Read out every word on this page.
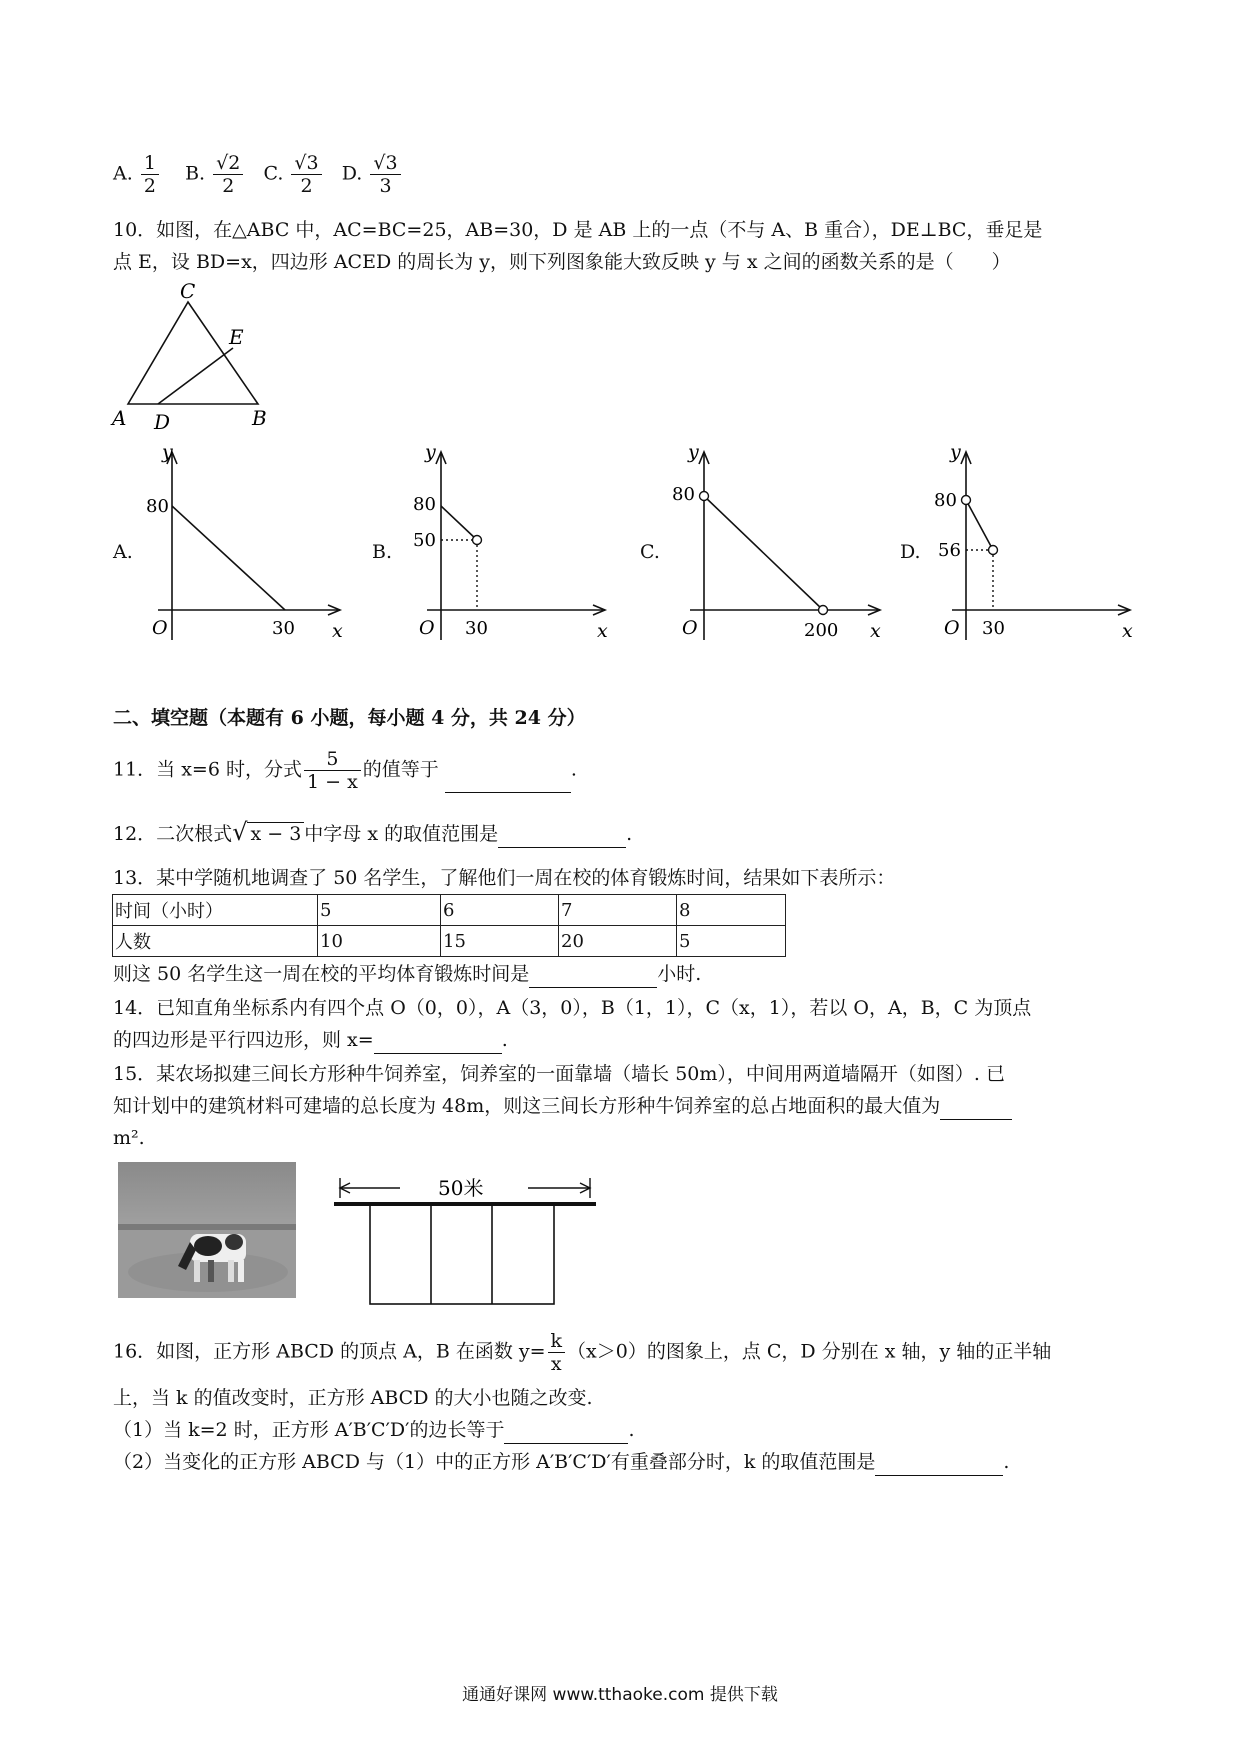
A. $\frac{1}{2} B$. $\frac{√2}{2} C$. $\frac{√3}{2} D$. $\frac{√3}{3}$
10．如图，在△ABC 中，AC=BC=25，AB=30，D 是 AB 上的一点（不与 A、B 重合），DE⊥BC，垂足是
点 E，设 BD=x，四边形 ACED 的周长为 y，则下列图象能大致反映 y 与 x 之间的函数关系的是（　　）
C
E
A D	B
A.
y
x
O
80
30
B.
y
x
O
80
50
30
C.
y
x
O
80
200
D.
y
x
O
80
56
30
二、填空题（本题有 6 小题，每小题 4 分，共 24 分）
11．当 x=6 时，分式 $\frac{5}{1 - x}$ 的值等于	.
12．二次根式√ x − 3 中字母 x 的取值范围是	.
13．某中学随机地调查了 50 名学生，了解他们一周在校的体育锻炼时间，结果如下表所示：
时间（小时）	5	6	7	8
人数	10	15	20	5
则这 50 名学生这一周在校的平均体育锻炼时间是	小时.
14．已知直角坐标系内有四个点 O（0，0），A（3，0），B（1，1），C（x，1），若以 O，A，B，C 为顶点
的四边形是平行四边形，则 x=	.
15．某农场拟建三间长方形种牛饲养室，饲养室的一面靠墙（墙长 50m），中间用两道墙隔开（如图）. 已
知计划中的建筑材料可建墙的总长度为 48m，则这三间长方形种牛饲养室的总占地面积的最大值为
m².
50米
16．如图，正方形 ABCD 的顶点 A，B 在函数 $y= \frac{k}{x} (x>0)$的图象上，点 C，D 分别在 x 轴，y 轴的正半轴
上，当 k 的值改变时，正方形 ABCD 的大小也随之改变.
（1）当 k=2 时，正方形 A′B′C′D′的边长等于	.
（2）当变化的正方形 ABCD 与（1）中的正方形 A′B′C′D′有重叠部分时，k 的取值范围是	.
通通好课网 www.tthaoke.com 提供下载
